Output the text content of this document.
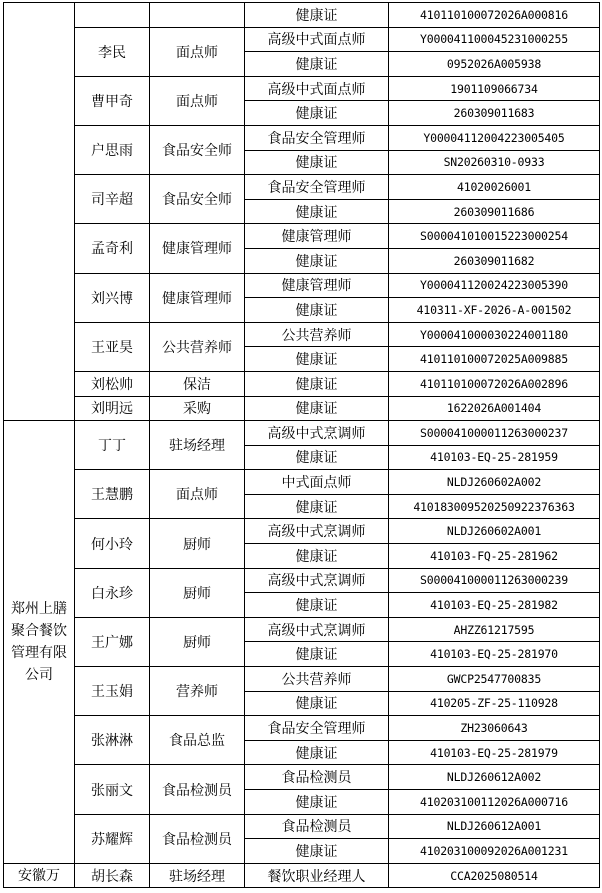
			健康证	410110100072026A000816
	李民	面点师	高级中式面点师	Y00004110004523100025​5
			健康证	0952026A005938
	曹甲奇	面点师	高级中式面点师	1901109066734
			健康证	260309011683
	户思雨	食品安全师	食品安全管理师	Y000041120042230054​05
			健康证	SN20260310-0933
	司辛超	食品安全师	食品安全管理师	41020026001
			健康证	260309011686
	孟奇利	健康管理师	健康管理师	S00004101001522300025​4
			健康证	260309011682
	刘兴博	健康管理师	健康管理师	Y00004112002422300539​0
			健康证	410311-XF-2026-A-001502
	王亚昊	公共营养师	公共营养师	Y00004100003022400118​0
			健康证	410110100072025A009885
	刘松帅	保洁	健康证	410110100072026A002896
	刘明远	采购	健康证	1622026A001404
郑州上膳聚合餐饮管理有限公司	丁丁	驻场经理	高级中式烹调师	S00004100001126300023​7
			健康证	410103-EQ-25-281959
	王慧鹏	面点师	中式面点师	NLDJ260602A002
			健康证	41018300952025092237636​3
	何小玲	厨师	高级中式烹调师	NLDJ260602A001
			健康证	410103-FQ-25-281962
	白永珍	厨师	高级中式烹调师	S00004100001126300023​9
			健康证	410103-EQ-25-281982
	王广娜	厨师	高级中式烹调师	AHZZ61217595
			健康证	410103-EQ-25-281970
	王玉娟	营养师	公共营养师	GWCP2547700835
			健康证	410205-ZF-25-110928
	张淋淋	食品总监	食品安全管理师	ZH23060643
			健康证	410103-EQ-25-281979
	张丽文	食品检测员	食品检测员	NLDJ260612A002
			健康证	410203100112026A000716
	苏耀辉	食品检测员	食品检测员	NLDJ260612A001
			健康证	410203100092026A001231
安徽万	胡长森	驻场经理	餐饮职业经理人	CCA2025080514
